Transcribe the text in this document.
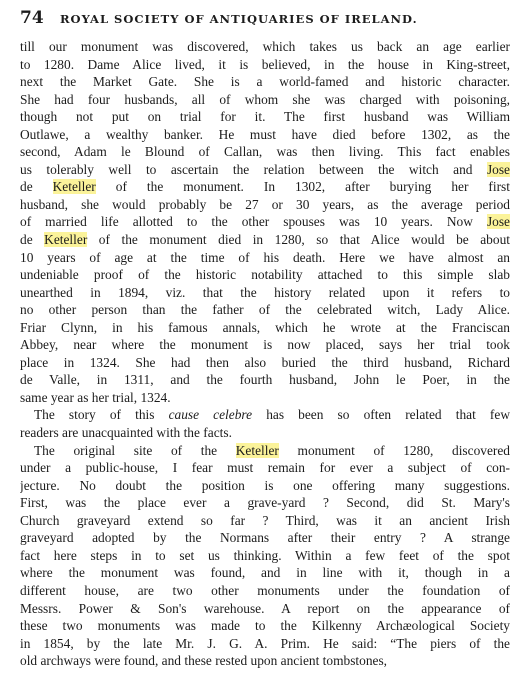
74	ROYAL SOCIETY OF ANTIQUARIES OF IRELAND.
till our monument was discovered, which takes us back an age earlier
to 1280. Dame Alice lived, it is believed, in the house in King-street,
next the Market Gate. She is a world-famed and historic character.
She had four husbands, all of whom she was charged with poisoning,
though not put on trial for it. The first husband was William
Outlawe, a wealthy banker. He must have died before 1302, as the
second, Adam le Blound of Callan, was then living. This fact enables
us tolerably well to ascertain the relation between the witch and Jose
de Keteller of the monument. In 1302, after burying her first
husband, she would probably be 27 or 30 years, as the average period
of married life allotted to the other spouses was 10 years. Now Jose
de Keteller of the monument died in 1280, so that Alice would be about
10 years of age at the time of his death. Here we have almost an
undeniable proof of the historic notability attached to this simple slab
unearthed in 1894, viz. that the history related upon it refers to
no other person than the father of the celebrated witch, Lady Alice.
Friar Clynn, in his famous annals, which he wrote at the Franciscan
Abbey, near where the monument is now placed, says her trial took
place in 1324. She had then also buried the third husband, Richard
de Valle, in 1311, and the fourth husband, John le Poer, in the
same year as her trial, 1324.
The story of this cause celebre has been so often related that few
readers are unacquainted with the facts.
The original site of the Keteller monument of 1280, discovered
under a public-house, I fear must remain for ever a subject of con-
jecture. No doubt the position is one offering many suggestions.
First, was the place ever a grave-yard ? Second, did St. Mary's
Church graveyard extend so far ? Third, was it an ancient Irish
graveyard adopted by the Normans after their entry ? A strange
fact here steps in to set us thinking. Within a few feet of the spot
where the monument was found, and in line with it, though in a
different house, are two other monuments under the foundation of
Messrs. Power & Son's warehouse. A report on the appearance of
these two monuments was made to the Kilkenny Archæological Society
in 1854, by the late Mr. J. G. A. Prim. He said: “The piers of the
old archways were found, and these rested upon ancient tombstones,
